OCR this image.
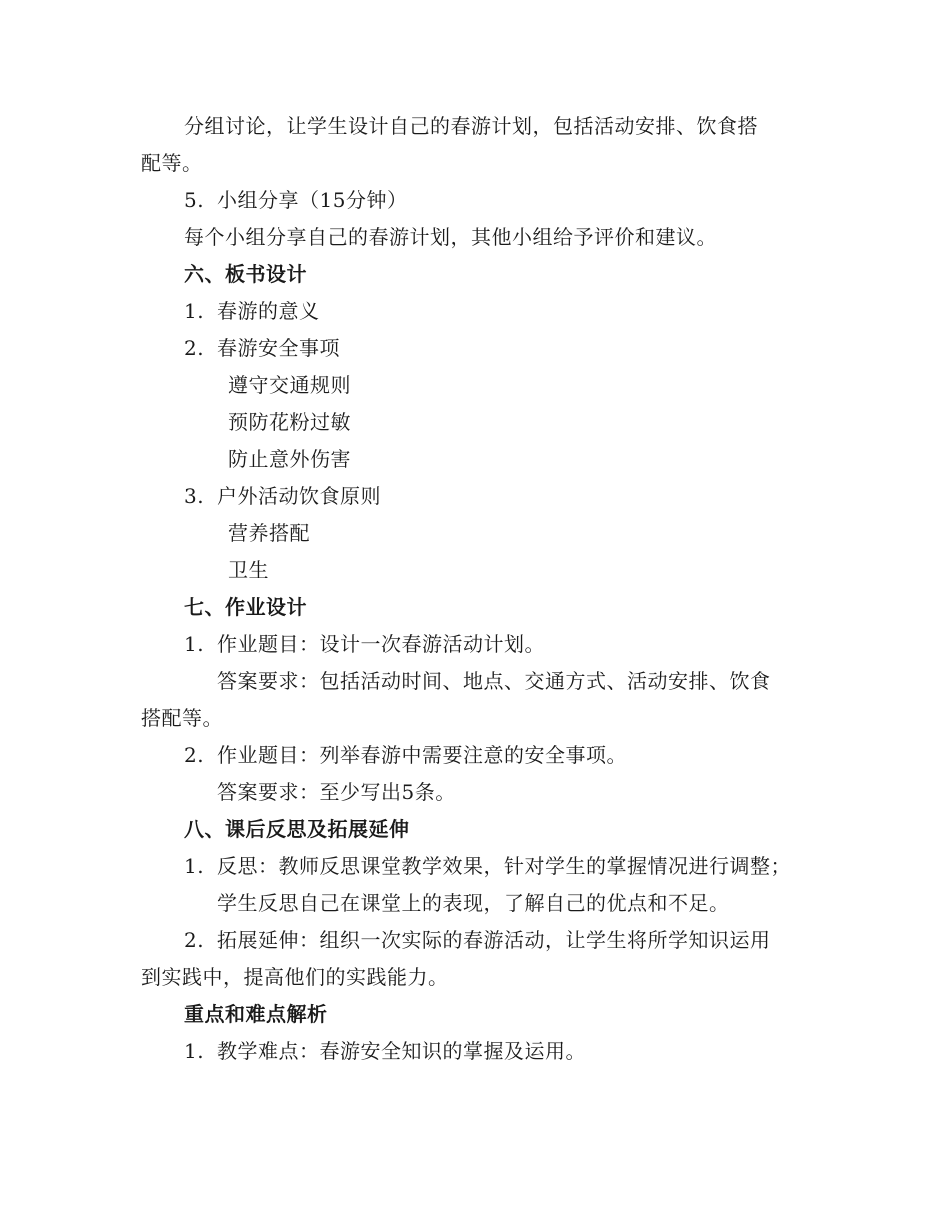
分组讨论，让学生设计自己的春游计划，包括活动安排、饮食搭
配等。
5. 小组分享（15分钟）
每个小组分享自己的春游计划，其他小组给予评价和建议。
六、板书设计
1. 春游的意义
2. 春游安全事项
遵守交通规则
预防花粉过敏
防止意外伤害
3. 户外活动饮食原则
营养搭配
卫生
七、作业设计
1. 作业题目：设计一次春游活动计划。
答案要求：包括活动时间、地点、交通方式、活动安排、饮食
搭配等。
2. 作业题目：列举春游中需要注意的安全事项。
答案要求：至少写出5条。
八、课后反思及拓展延伸
1. 反思：教师反思课堂教学效果，针对学生的掌握情况进行调整；
学生反思自己在课堂上的表现，了解自己的优点和不足。
2. 拓展延伸：组织一次实际的春游活动，让学生将所学知识运用
到实践中，提高他们的实践能力。
重点和难点解析
1. 教学难点：春游安全知识的掌握及运用。
